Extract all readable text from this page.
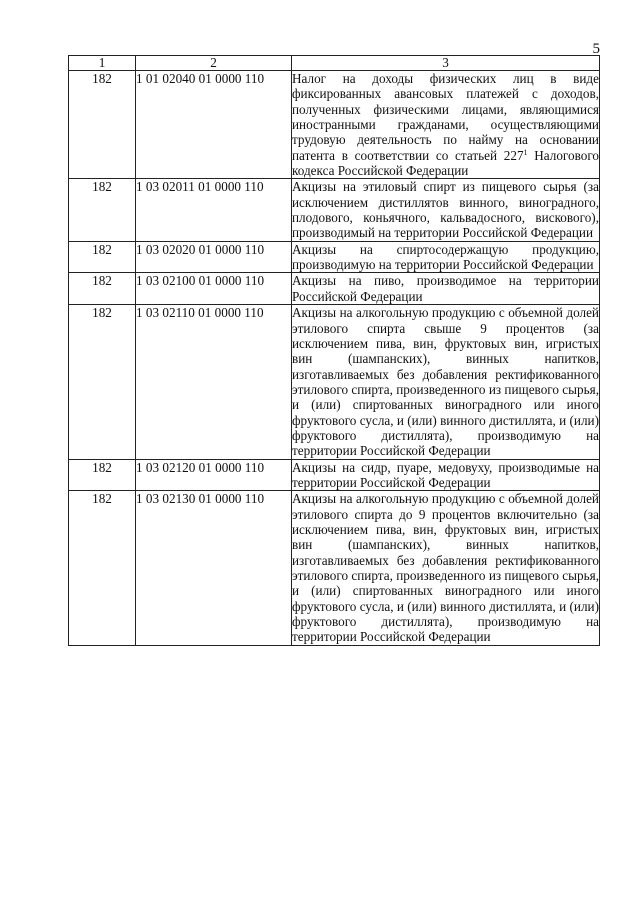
5
1	2	3
182	1 01 02040 01 0000 110	Налог на доходы физических лиц в виде фиксированных авансовых платежей с доходов, полученных физическими лицами, являющимися иностранными гражданами, осуществляющими трудовую деятельность по найму на основании патента в соответствии со статьей $227^1$ Налогового кодекса Российской Федерации
182	1 03 02011 01 0000 110	Акцизы на этиловый спирт из пищевого сырья (за исключением дистиллятов винного, виноградного, плодового, коньячного, кальвадосного, вискового), производимый на территории Российской Федерации
182	1 03 02020 01 0000 110	Акцизы на спиртосодержащую продукцию, производимую на территории Российской Федерации
182	1 03 02100 01 0000 110	Акцизы на пиво, производимое на территории Российской Федерации
182	1 03 02110 01 0000 110	Акцизы на алкогольную продукцию с объемной долей этилового спирта свыше 9 процентов (за исключением пива, вин, фруктовых вин, игристых вин (шампанских), винных напитков, изготавливаемых без добавления ректификованного этилового спирта, произведенного из пищевого сырья, и (или) спиртованных виноградного или иного фруктового сусла, и (или) винного дистиллята, и (или) фруктового дистиллята), производимую на территории Российской Федерации
182	1 03 02120 01 0000 110	Акцизы на сидр, пуаре, медовуху, производимые на территории Российской Федерации
182	1 03 02130 01 0000 110	Акцизы на алкогольную продукцию с объемной долей этилового спирта до 9 процентов включительно (за исключением пива, вин, фруктовых вин, игристых вин (шампанских), винных напитков, изготавливаемых без добавления ректификованного этилового спирта, произведенного из пищевого сырья, и (или) спиртованных виноградного или иного фруктового сусла, и (или) винного дистиллята, и (или) фруктового дистиллята), производимую на территории Российской Федерации
